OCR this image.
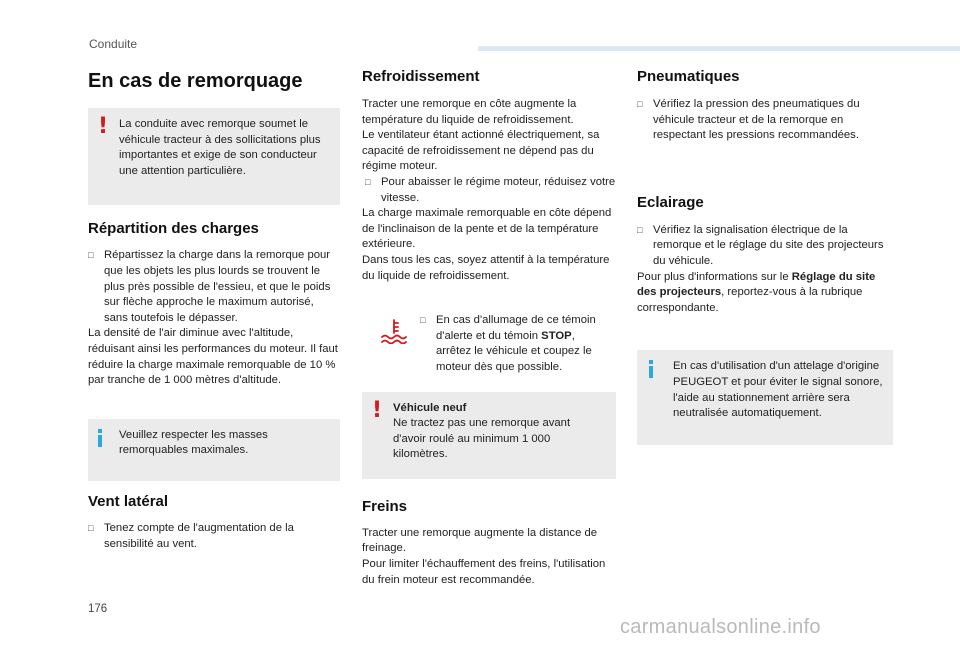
Conduite
En cas de remorquage
! La conduite avec remorque soumet le véhicule tracteur à des sollicitations plus importantes et exige de son conducteur une attention particulière.

Répartition des charges
□ Répartissez la charge dans la remorque pour que les objets les plus lourds se trouvent le plus près possible de l'essieu, et que le poids sur flèche approche le maximum autorisé, sans toutefois le dépasser.

La densité de l'air diminue avec l'altitude, réduisant ainsi les performances du moteur. Il faut réduire la charge maximale remorquable de 10 % par tranche de 1 000 mètres d'altitude.

Veuillez respecter les masses remorquables maximales.

Vent latéral
□ Tenez compte de l'augmentation de la sensibilité au vent.
Refroidissement

Tracter une remorque en côte augmente la température du liquide de refroidissement.

Le ventilateur étant actionné électriquement, sa capacité de refroidissement ne dépend pas du régime moteur.

□ Pour abaisser le régime moteur, réduisez votre vitesse.

La charge maximale remorquable en côte dépend de l'inclinaison de la pente et de la température extérieure.

Dans tous les cas, soyez attentif à la température du liquide de refroidissement.

□ En cas d'allumage de ce témoin d'alerte et du témoin STOP, arrêtez le véhicule et coupez le moteur dès que possible.
! Véhicule neuf

Ne tractez pas une remorque avant d'avoir roulé au minimum 1 000 kilomètres.

Freins

Tracter une remorque augmente la distance de freinage.

Pour limiter l'échauffement des freins, l'utilisation du frein moteur est recommandée.

Pneumatiques
□ Vérifiez la pression des pneumatiques du véhicule tracteur et de la remorque en respectant les pressions recommandées.
Eclairage
□ Vérifiez la signalisation électrique de la remorque et le réglage du site des projecteurs du véhicule.

Pour plus d'informations sur le Réglage du site des projecteurs, reportez-vous à la rubrique correspondante.

En cas d'utilisation d'un attelage d'origine PEUGEOT et pour éviter le signal sonore, l'aide au stationnement arrière sera neutralisée automatiquement.

176
carmanualsonline.info
